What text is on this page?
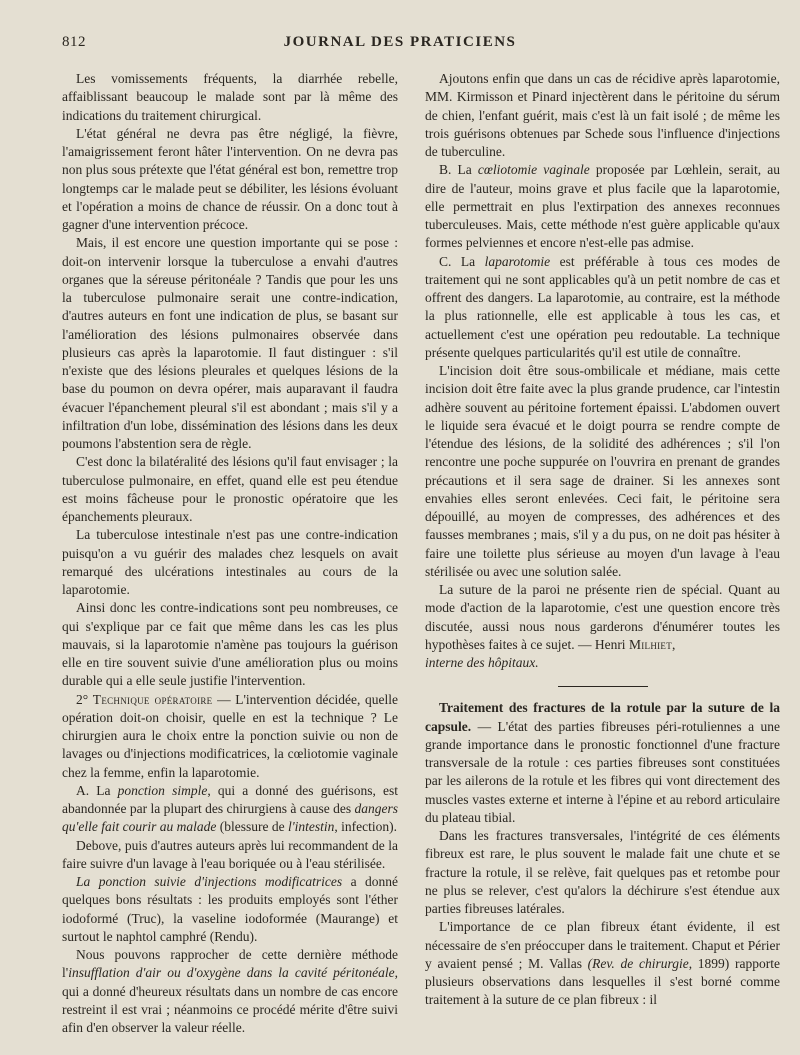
812	JOURNAL DES PRATICIENS

Les vomissements fréquents, la diarrhée rebelle, affaiblissant beaucoup le malade sont par là même des indications du traitement chirurgical.

L'état général ne devra pas être négligé, la fièvre, l'amaigrissement feront hâter l'intervention. On ne devra pas non plus sous prétexte que l'état général est bon, remettre trop longtemps car le malade peut se débiliter, les lésions évoluant et l'opération a moins de chance de réussir. On a donc tout à gagner d'une intervention précoce.

Mais, il est encore une question importante qui se pose : doit-on intervenir lorsque la tuberculose a envahi d'autres organes que la séreuse péritonéale ? Tandis que pour les uns la tuberculose pulmonaire serait une contre-indication, d'autres auteurs en font une indication de plus, se basant sur l'amélioration des lésions pulmonaires observée dans plusieurs cas après la laparotomie. Il faut distinguer : s'il n'existe que des lésions pleurales et quelques lésions de la base du poumon on devra opérer, mais auparavant il faudra évacuer l'épanchement pleural s'il est abondant ; mais s'il y a infiltration d'un lobe, dissémination des lésions dans les deux poumons l'abstention sera de règle.

C'est donc la bilatéralité des lésions qu'il faut envisager ; la tuberculose pulmonaire, en effet, quand elle est peu étendue est moins fâcheuse pour le pronostic opératoire que les épanchements pleuraux.

La tuberculose intestinale n'est pas une contre-indication puisqu'on a vu guérir des malades chez lesquels on avait remarqué des ulcérations intestinales au cours de la laparotomie.

Ainsi donc les contre-indications sont peu nombreuses, ce qui s'explique par ce fait que même dans les cas les plus mauvais, si la laparotomie n'amène pas toujours la guérison elle en tire souvent suivie d'une amélioration plus ou moins durable qui a elle seule justifie l'intervention.

2° Technique opératoire — L'intervention décidée, quelle opération doit-on choisir, quelle en est la technique ? Le chirurgien aura le choix entre la ponction suivie ou non de lavages ou d'injections modificatrices, la cœliotomie vaginale chez la femme, enfin la laparotomie.

A. La ponction simple, qui a donné des guérisons, est abandonnée par la plupart des chirurgiens à cause des dangers qu'elle fait courir au malade (blessure de l'intestin, infection).

Debove, puis d'autres auteurs après lui recommandent de la faire suivre d'un lavage à l'eau boriquée ou à l'eau stérilisée.

La ponction suivie d'injections modificatrices a donné quelques bons résultats : les produits employés sont l'éther iodoformé (Truc), la vaseline iodoformée (Maurange) et surtout le naphtol camphré (Rendu).

Nous pouvons rapprocher de cette dernière méthode l'insufflation d'air ou d'oxygène dans la cavité péritonéale, qui a donné d'heureux résultats dans un nombre de cas encore restreint il est vrai ; néanmoins ce procédé mérite d'être suivi afin d'en observer la valeur réelle.

Ajoutons enfin que dans un cas de récidive après laparotomie, MM. Kirmisson et Pinard injectèrent dans le péritoine du sérum de chien, l'enfant guérit, mais c'est là un fait isolé ; de même les trois guérisons obtenues par Schede sous l'influence d'injections de tuberculine.

B. La cœliotomie vaginale proposée par Lœhlein, serait, au dire de l'auteur, moins grave et plus facile que la laparotomie, elle permettrait en plus l'extirpation des annexes reconnues tuberculeuses. Mais, cette méthode n'est guère applicable qu'aux formes pelviennes et encore n'est-elle pas admise.

C. La laparotomie est préférable à tous ces modes de traitement qui ne sont applicables qu'à un petit nombre de cas et offrent des dangers. La laparotomie, au contraire, est la méthode la plus rationnelle, elle est applicable à tous les cas, et actuellement c'est une opération peu redoutable. La technique présente quelques particularités qu'il est utile de connaître.

L'incision doit être sous-ombilicale et médiane, mais cette incision doit être faite avec la plus grande prudence, car l'intestin adhère souvent au péritoine fortement épaissi. L'abdomen ouvert le liquide sera évacué et le doigt pourra se rendre compte de l'étendue des lésions, de la solidité des adhérences ; s'il l'on rencontre une poche suppurée on l'ouvrira en prenant de grandes précautions et il sera sage de drainer. Si les annexes sont envahies elles seront enlevées. Ceci fait, le péritoine sera dépouillé, au moyen de compresses, des adhérences et des fausses membranes ; mais, s'il y a du pus, on ne doit pas hésiter à faire une toilette plus sérieuse au moyen d'un lavage à l'eau stérilisée ou avec une solution salée.

La suture de la paroi ne présente rien de spécial. Quant au mode d'action de la laparotomie, c'est une question encore très discutée, aussi nous nous garderons d'énumérer toutes les hypothèses faites à ce sujet. — Henri Milhiet,
interne des hôpitaux.

Traitement des fractures de la rotule par la suture de la capsule. — L'état des parties fibreuses péri-rotuliennes a une grande importance dans le pronostic fonctionnel d'une fracture transversale de la rotule : ces parties fibreuses sont constituées par les ailerons de la rotule et les fibres qui vont directement des muscles vastes externe et interne à l'épine et au rebord articulaire du plateau tibial.

Dans les fractures transversales, l'intégrité de ces éléments fibreux est rare, le plus souvent le malade fait une chute et se fracture la rotule, il se relève, fait quelques pas et retombe pour ne plus se relever, c'est qu'alors la déchirure s'est étendue aux parties fibreuses latérales.

L'importance de ce plan fibreux étant évidente, il est nécessaire de s'en préoccuper dans le traitement. Chaput et Périer y avaient pensé ; M. Vallas (Rev. de chirurgie, 1899) rapporte plusieurs observations dans lesquelles il s'est borné comme traitement à la suture de ce plan fibreux : il
